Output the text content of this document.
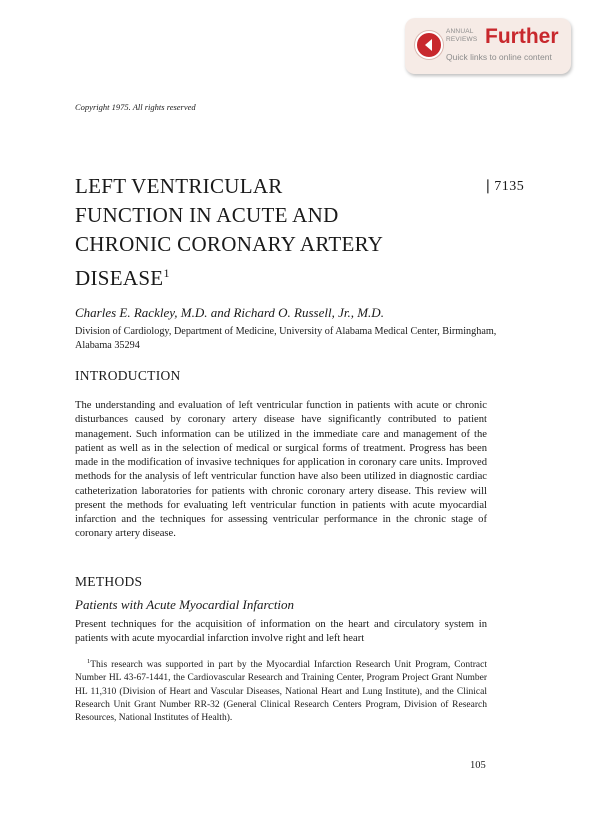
ANNUAL
REVIEWS Further
Quick links to online content
Copyright 1975. All rights reserved
LEFT VENTRICULAR
FUNCTION IN ACUTE AND
CHRONIC CORONARY ARTERY
DISEASE$^1$
❘7135
Charles E. Rackley, M.D. and Richard O. Russell, Jr., M.D.
Division of Cardiology, Department of Medicine, University of Alabama Medical Center, Birmingham, Alabama 35294
INTRODUCTION
The understanding and evaluation of left ventricular function in patients with acute or chronic disturbances caused by coronary artery disease have significantly contributed to patient management. Such information can be utilized in the immediate care and management of the patient as well as in the selection of medical or surgical forms of treatment. Progress has been made in the modification of invasive techniques for application in coronary care units. Improved methods for the analysis of left ventricular function have also been utilized in diagnostic cardiac catheterization laboratories for patients with chronic coronary artery disease. This review will present the methods for evaluating left ventricular function in patients with acute myocardial infarction and the techniques for assessing ventricular performance in the chronic stage of coronary artery disease.
METHODS
Patients with Acute Myocardial Infarction
Present techniques for the acquisition of information on the heart and circulatory system in patients with acute myocardial infarction involve right and left heart
$^1$This research was supported in part by the Myocardial Infarction Research Unit Program, Contract Number HL 43-67-1441, the Cardiovascular Research and Training Center, Program Project Grant Number HL 11,310 (Division of Heart and Vascular Diseases, National Heart and Lung Institute), and the Clinical Research Unit Grant Number RR-32 (General Clinical Research Centers Program, Division of Research Resources, National Institutes of Health).
105
